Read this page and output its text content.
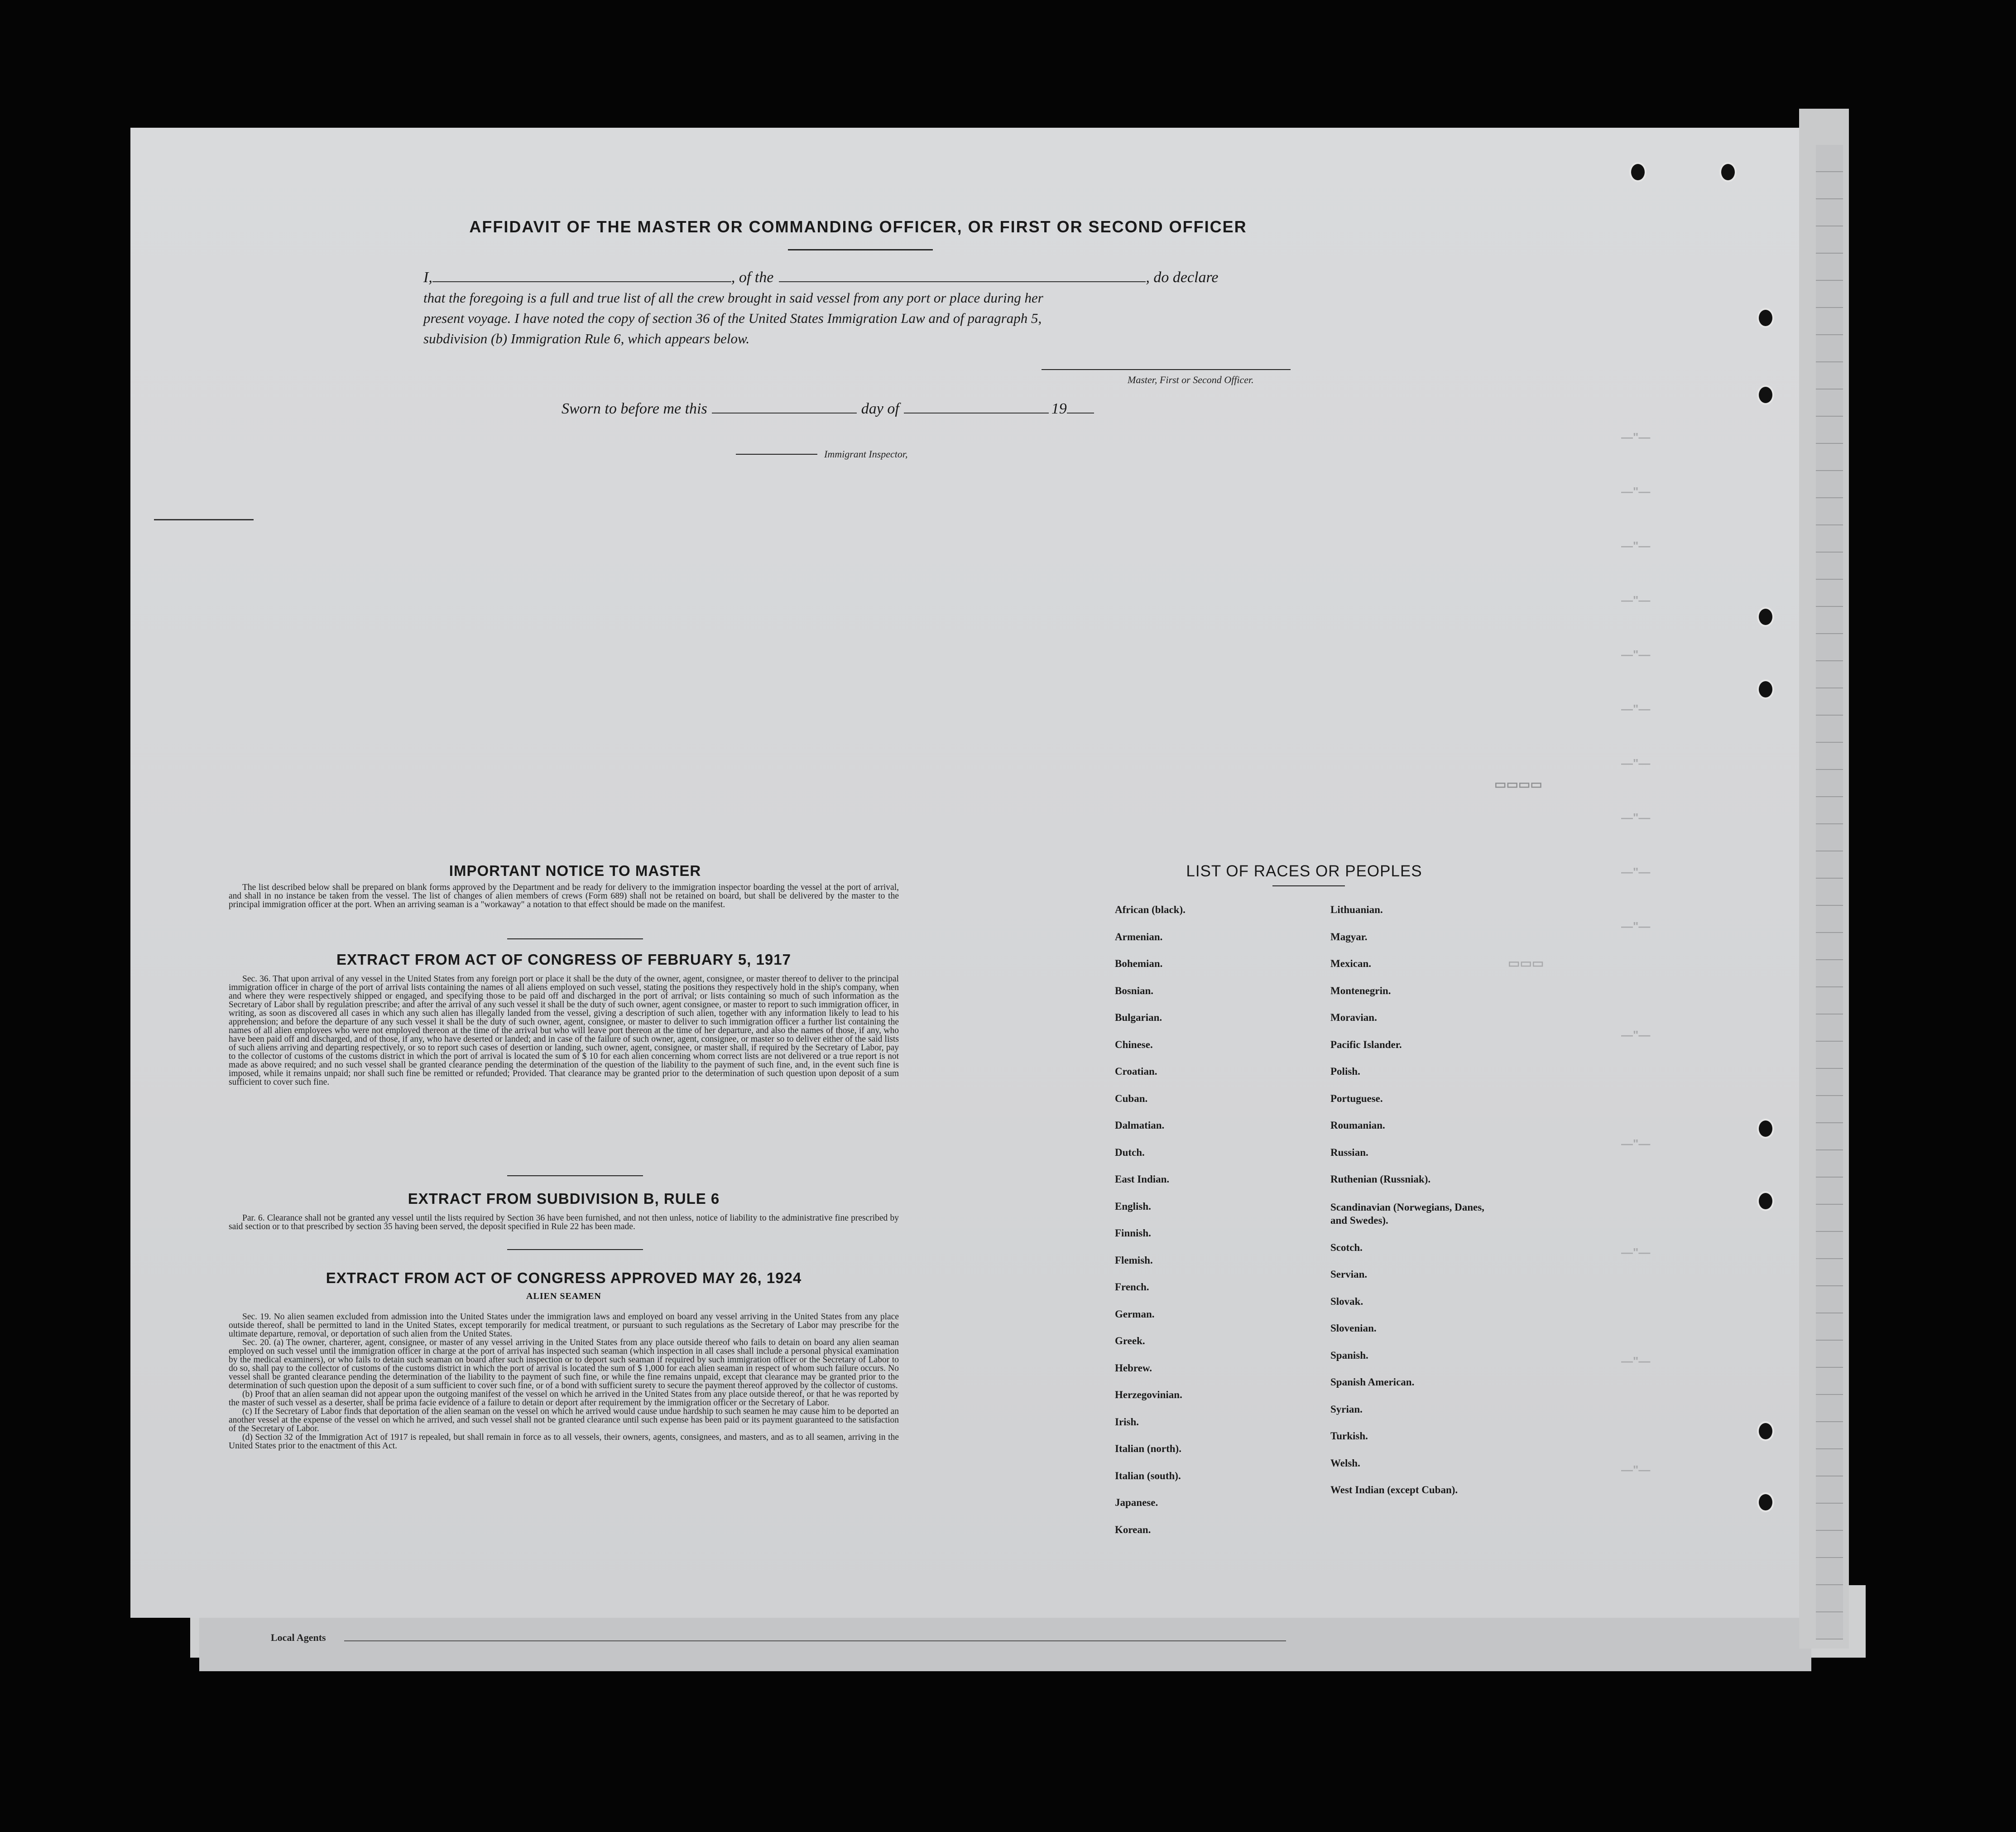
—"—
—"—
—"—
—"—
—"—
—"—
—"—
—"—
—"—
—"—
—"—
—"—
—"—
—"—
—"—
▭▭▭▭
▭▭▭
AFFIDAVIT OF THE MASTER OR COMMANDING OFFICER, OR FIRST OR SECOND OFFICER
I,	, of the	, do declare
that the foregoing is a full and true list of all the crew brought in said vessel from any port or place during her
present voyage. I have noted the copy of section 36 of the United States Immigration Law and of paragraph 5,
subdivision (b) Immigration Rule 6, which appears below.
Master, First or Second Officer.
Sworn to before me this	day of	19
Immigrant Inspector,
IMPORTANT NOTICE TO MASTER

The list described below shall be prepared on blank forms approved by the Department and be ready for delivery to the immigration inspector boarding the vessel at the port of arrival, and shall in no instance be taken from the vessel. The list of changes of alien members of crews (Form 689) shall not be retained on board, but shall be delivered by the master to the principal immigration officer at the port. When an arriving seaman is a "workaway" a notation to that effect should be made on the manifest.

EXTRACT FROM ACT OF CONGRESS OF FEBRUARY 5, 1917

Sec. 36. That upon arrival of any vessel in the United States from any foreign port or place it shall be the duty of the owner, agent, consignee, or master thereof to deliver to the principal immigration officer in charge of the port of arrival lists containing the names of all aliens employed on such vessel, stating the positions they respectively hold in the ship's company, when and where they were respectively shipped or engaged, and specifying those to be paid off and discharged in the port of arrival; or lists containing so much of such information as the Secretary of Labor shall by regulation prescribe; and after the arrival of any such vessel it shall be the duty of such owner, agent consignee, or master to report to such immigration officer, in writing, as soon as discovered all cases in which any such alien has illegally landed from the vessel, giving a description of such alien, together with any information likely to lead to his apprehension; and before the departure of any such vessel it shall be the duty of such owner, agent, consignee, or master to deliver to such immigration officer a further list containing the names of all alien employees who were not employed thereon at the time of the arrival but who will leave port thereon at the time of her departure, and also the names of those, if any, who have been paid off and discharged, and of those, if any, who have deserted or landed; and in case of the failure of such owner, agent, consignee, or master so to deliver either of the said lists of such aliens arriving and departing respectively, or so to report such cases of desertion or landing, such owner, agent, consignee, or master shall, if required by the Secretary of Labor, pay to the collector of customs of the customs district in which the port of arrival is located the sum of $ 10 for each alien concerning whom correct lists are not delivered or a true report is not made as above required; and no such vessel shall be granted clearance pending the determination of the question of the liability to the payment of such fine, and, in the event such fine is imposed, while it remains unpaid; nor shall such fine be remitted or refunded; Provided. That clearance may be granted prior to the determination of such question upon deposit of a sum sufficient to cover such fine.

EXTRACT FROM SUBDIVISION B, RULE 6

Par. 6. Clearance shall not be granted any vessel until the lists required by Section 36 have been furnished, and not then unless, notice of liability to the administrative fine prescribed by said section or to that prescribed by section 35 having been served, the deposit specified in Rule 22 has been made.

EXTRACT FROM ACT OF CONGRESS APPROVED MAY 26, 1924
ALIEN SEAMEN

Sec. 19. No alien seamen excluded from admission into the United States under the immigration laws and employed on board any vessel arriving in the United States from any place outside thereof, shall be permitted to land in the United States, except temporarily for medical treatment, or pursuant to such regulations as the Secretary of Labor may prescribe for the ultimate departure, removal, or deportation of such alien from the United States.

Sec. 20. (a) The owner, charterer, agent, consignee, or master of any vessel arriving in the United States from any place outside thereof who fails to detain on board any alien seaman employed on such vessel until the immigration officer in charge at the port of arrival has inspected such seaman (which inspection in all cases shall include a personal physical examination by the medical examiners), or who fails to detain such seaman on board after such inspection or to deport such seaman if required by such immigration officer or the Secretary of Labor to do so, shall pay to the collector of customs of the customs district in which the port of arrival is located the sum of $ 1,000 for each alien seaman in respect of whom such failure occurs. No vessel shall be granted clearance pending the determination of the liability to the payment of such fine, or while the fine remains unpaid, except that clearance may be granted prior to the determination of such question upon the deposit of a sum sufficient to cover such fine, or of a bond with sufficient surety to secure the payment thereof approved by the collector of customs.

(b) Proof that an alien seaman did not appear upon the outgoing manifest of the vessel on which he arrived in the United States from any place outside thereof, or that he was reported by the master of such vessel as a deserter, shall be prima facie evidence of a failure to detain or deport after requirement by the immigration officer or the Secretary of Labor.

(c) If the Secretary of Labor finds that deportation of the alien seaman on the vessel on which he arrived would cause undue hardship to such seamen he may cause him to be deported an another vessel at the expense of the vessel on which he arrived, and such vessel shall not be granted clearance until such expense has been paid or its payment guaranteed to the satisfaction of the Secretary of Labor.

(d) Section 32 of the Immigration Act of 1917 is repealed, but shall remain in force as to all vessels, their owners, agents, consignees, and masters, and as to all seamen, arriving in the United States prior to the enactment of this Act.

LIST OF RACES OR PEOPLES
African (black).
Armenian.
Bohemian.
Bosnian.
Bulgarian.
Chinese.
Croatian.
Cuban.
Dalmatian.
Dutch.
East Indian.
English.
Finnish.
Flemish.
French.
German.
Greek.
Hebrew.
Herzegovinian.
Irish.
Italian (north).
Italian (south).
Japanese.
Korean.
Lithuanian.
Magyar.
Mexican.
Montenegrin.
Moravian.
Pacific Islander.
Polish.
Portuguese.
Roumanian.
Russian.
Ruthenian (Russniak).
Scandinavian (Norwegians, Danes, and Swedes).
Scotch.
Servian.
Slovak.
Slovenian.
Spanish.
Spanish American.
Syrian.
Turkish.
Welsh.
West Indian (except Cuban).
Local Agents
